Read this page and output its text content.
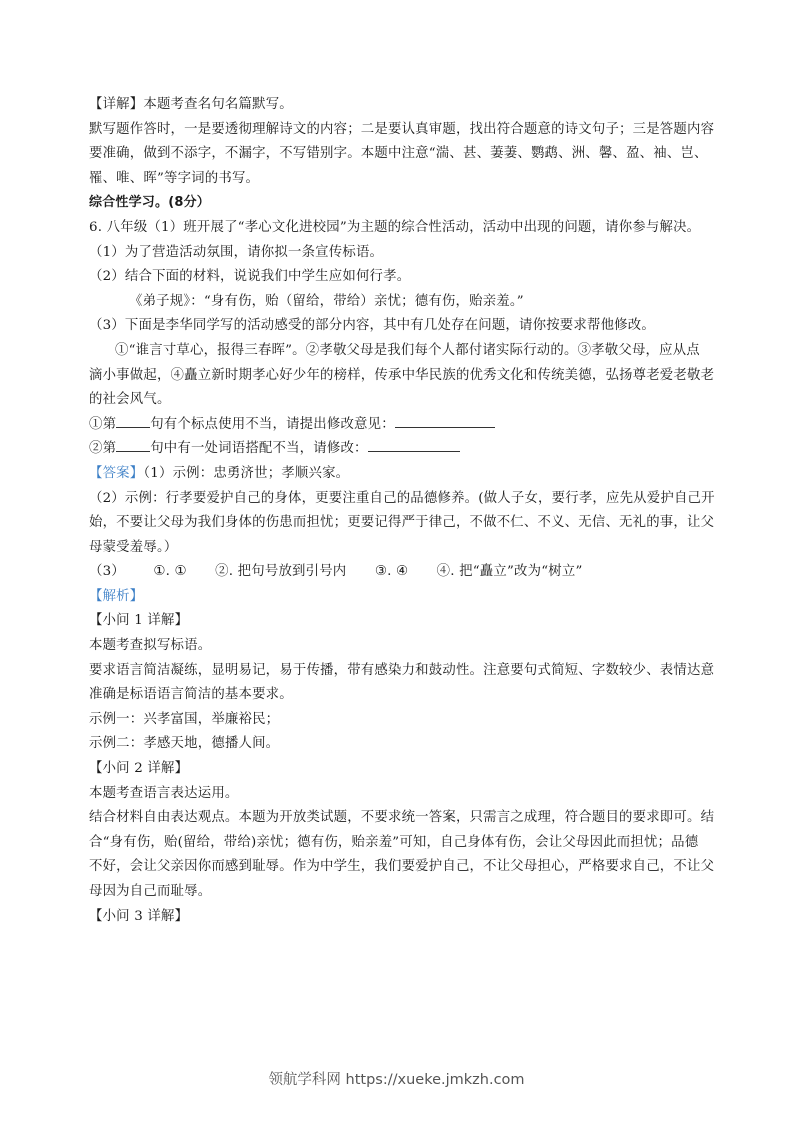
【详解】本题考查名句名篇默写。
默写题作答时，一是要透彻理解诗文的内容；二是要认真审题，找出符合题意的诗文句子；三是答题内容
要准确，做到不添字，不漏字，不写错别字。本题中注意“湍、甚、萋萋、鹦鹉、洲、馨、盈、袖、岂、
罹、唯、晖”等字词的书写。
综合性学习。(8分）
6. 八年级（1）班开展了“孝心文化进校园”为主题的综合性活动，活动中出现的问题，请你参与解决。
（1）为了营造活动氛围，请你拟一条宣传标语。
（2）结合下面的材料，说说我们中学生应如何行孝。
《弟子规》：“身有伤，贻（留给，带给）亲忧；德有伤，贻亲羞。”
（3）下面是李华同学写的活动感受的部分内容，其中有几处存在问题，请你按要求帮他修改。
①“谁言寸草心，报得三春晖”。②孝敬父母是我们每个人都付诸实际行动的。③孝敬父母，应从点
滴小事做起，④矗立新时期孝心好少年的榜样，传承中华民族的优秀文化和传统美德，弘扬尊老爱老敬老
的社会风气。
①第	句有个标点使用不当，请提出修改意见：
②第	句中有一处词语搭配不当，请修改：
【答案】（1）示例：忠勇济世；孝顺兴家。
（2）示例：行孝要爱护自己的身体，更要注重自己的品德修养。(做人子女，要行孝，应先从爱护自己开
始，不要让父母为我们身体的伤患而担忧；更要记得严于律己，不做不仁、不义、无信、无礼的事，让父
母蒙受羞辱。）
（3） ①. ① ②. 把句号放到引号内 ③. ④ ④. 把“矗立”改为“树立”
【解析】
【小问 1 详解】
本题考查拟写标语。
要求语言简洁凝练，显明易记，易于传播，带有感染力和鼓动性。注意要句式简短、字数较少、表情达意
准确是标语语言简洁的基本要求。
示例一：兴孝富国，举廉裕民；
示例二：孝感天地，德播人间。
【小问 2 详解】
本题考查语言表达运用。
结合材料自由表达观点。本题为开放类试题，不要求统一答案，只需言之成理，符合题目的要求即可。结
合“身有伤，贻(留给，带给)亲忧；德有伤，贻亲羞”可知，自己身体有伤，会让父母因此而担忧；品德
不好，会让父亲因你而感到耻辱。作为中学生，我们要爱护自己，不让父母担心，严格要求自己，不让父
母因为自己而耻辱。
【小问 3 详解】
领航学科网 https://xueke.jmkzh.com
